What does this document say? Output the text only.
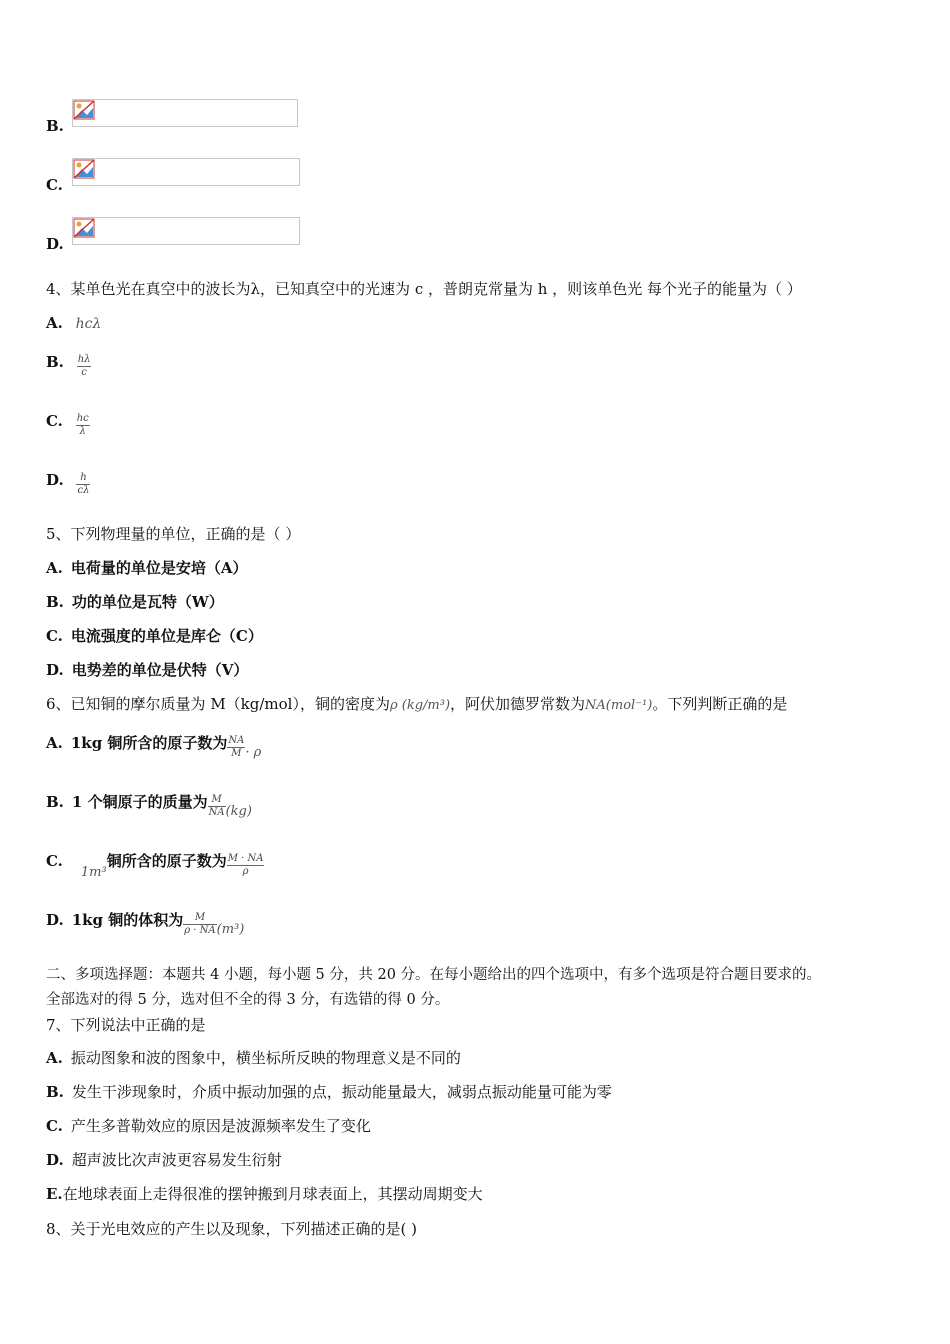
B.
C.
D.
4、某单色光在真空中的波长为λ，已知真空中的光速为 c ，普朗克常量为 h ，则该单色光 每个光子的能量为（ ）
A. hcλ
B. $\frac{h\lambda}{c}$
C. $\frac{hc}{\lambda}$
D. $\frac{h}{c\lambda}$
5、下列物理量的单位，正确的是（ ）
A. 电荷量的单位是安培（A）
B. 功的单位是瓦特（W）
C. 电流强度的单位是库仑（C）
D. 电势差的单位是伏特（V）
6、已知铜的摩尔质量为 M（kg/mol），铜的密度为ρ (kg/m³)，阿伏加德罗常数为NA(mol⁻¹)。下列判断正确的是
A. 1kg 铜所含的原子数为 $\frac{NA}{M} \cdot \rho$
B. 1 个铜原子的质量为 $\frac{M}{NA} (kg)$
C.1m³铜所含的原子数为 $\frac{M \cdot NA}{\rho}$
D. 1kg 铜的体积为 $\frac{M}{\rho \cdot NA} (m^3)$
二、多项选择题：本题共 4 小题，每小题 5 分，共 20 分。在每小题给出的四个选项中，有多个选项是符合题目要求的。
全部选对的得 5 分，选对但不全的得 3 分，有选错的得 0 分。
7、下列说法中正确的是
A. 振动图象和波的图象中，横坐标所反映的物理意义是不同的
B. 发生干涉现象时，介质中振动加强的点，振动能量最大，减弱点振动能量可能为零
C. 产生多普勒效应的原因是波源频率发生了变化
D. 超声波比次声波更容易发生衍射
E.在地球表面上走得很准的摆钟搬到月球表面上，其摆动周期变大
8、关于光电效应的产生以及现象，下列描述正确的是( )
